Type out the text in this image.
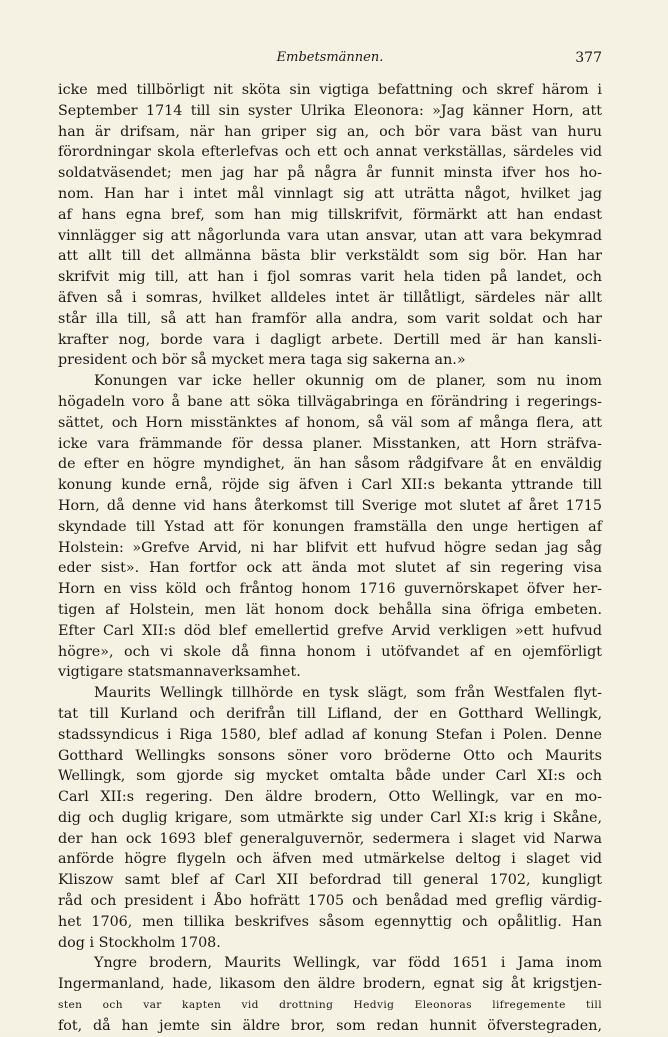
Embetsmännen.	377
icke med tillbörligt nit sköta sin vigtiga befattning och skref härom i
September 1714 till sin syster Ulrika Eleonora: »Jag känner Horn, att
han är drifsam, när han griper sig an, och bör vara bäst van huru
förordningar skola efterlefvas och ett och annat verkställas, särdeles vid
soldatväsendet; men jag har på några år funnit minsta ifver hos ho-
nom. Han har i intet mål vinnlagt sig att uträtta något, hvilket jag
af hans egna bref, som han mig tillskrifvit, förmärkt att han endast
vinnlägger sig att någorlunda vara utan ansvar, utan att vara bekymrad
att allt till det allmänna bästa blir verkstäldt som sig bör. Han har
skrifvit mig till, att han i fjol somras varit hela tiden på landet, och
äfven så i somras, hvilket alldeles intet är tillåtligt, särdeles när allt
står illa till, så att han framför alla andra, som varit soldat och har
krafter nog, borde vara i dagligt arbete. Dertill med är han kansli-
president och bör så mycket mera taga sig sakerna an.»
Konungen var icke heller okunnig om de planer, som nu inom
högadeln voro å bane att söka tillvägabringa en förändring i regerings-
sättet, och Horn misstänktes af honom, så väl som af många flera, att
icke vara främmande för dessa planer. Misstanken, att Horn sträfva-
de efter en högre myndighet, än han såsom rådgifvare åt en enväldig
konung kunde ernå, röjde sig äfven i Carl XII:s bekanta yttrande till
Horn, då denne vid hans återkomst till Sverige mot slutet af året 1715
skyndade till Ystad att för konungen framställa den unge hertigen af
Holstein: »Grefve Arvid, ni har blifvit ett hufvud högre sedan jag såg
eder sist». Han fortfor ock att ända mot slutet af sin regering visa
Horn en viss köld och fråntog honom 1716 guvernörskapet öfver her-
tigen af Holstein, men lät honom dock behålla sina öfriga embeten.
Efter Carl XII:s död blef emellertid grefve Arvid verkligen »ett hufvud
högre», och vi skole då finna honom i utöfvandet af en ojemförligt
vigtigare statsmannaverksamhet.
Maurits Wellingk tillhörde en tysk slägt, som från Westfalen flyt-
tat till Kurland och derifrån till Lifland, der en Gotthard Wellingk,
stadssyndicus i Riga 1580, blef adlad af konung Stefan i Polen. Denne
Gotthard Wellingks sonsons söner voro bröderne Otto och Maurits
Wellingk, som gjorde sig mycket omtalta både under Carl XI:s och
Carl XII:s regering. Den äldre brodern, Otto Wellingk, var en mo-
dig och duglig krigare, som utmärkte sig under Carl XI:s krig i Skåne,
der han ock 1693 blef generalguvernör, sedermera i slaget vid Narwa
anförde högre flygeln och äfven med utmärkelse deltog i slaget vid
Kliszow samt blef af Carl XII befordrad till general 1702, kungligt
råd och president i Åbo hofrätt 1705 och benådad med greflig värdig-
het 1706, men tillika beskrifves såsom egennyttig och opålitlig. Han
dog i Stockholm 1708.
Yngre brodern, Maurits Wellingk, var född 1651 i Jama inom
Ingermanland, hade, likasom den äldre brodern, egnat sig åt krigstjen-
sten och var kapten vid drottning Hedvig Eleonoras lifregemente till
fot, då han jemte sin äldre bror, som redan hunnit öfverstegraden,
